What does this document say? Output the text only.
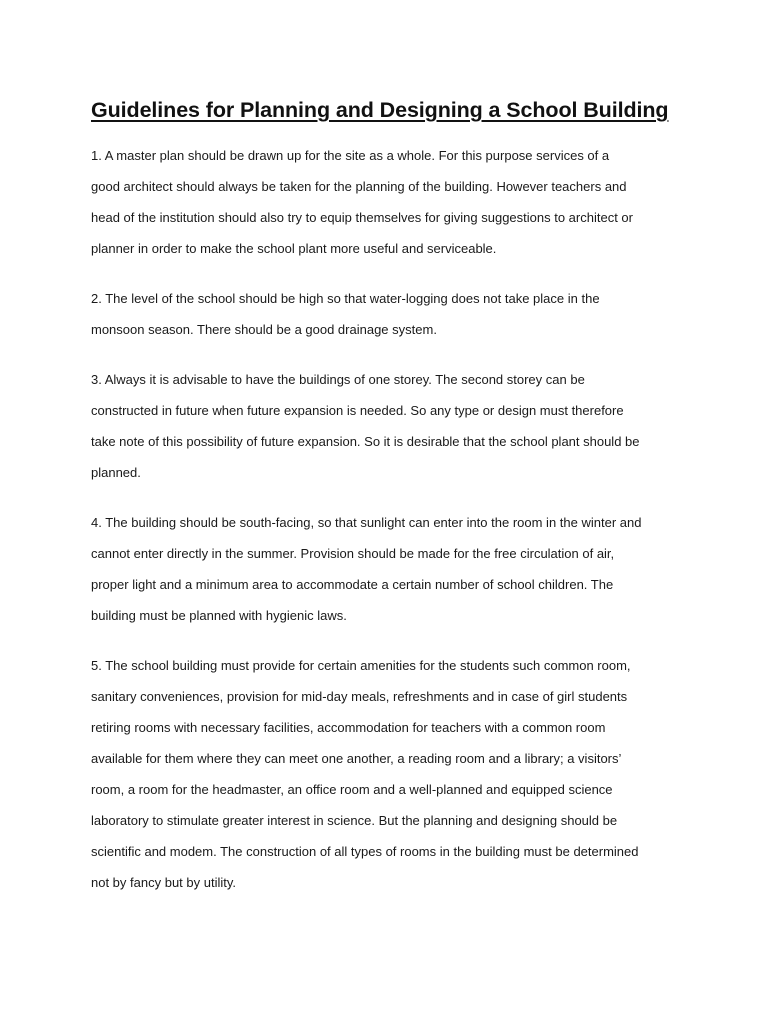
Guidelines for Planning and Designing a School Building

1. A master plan should be drawn up for the site as a whole. For this purpose services of a
good architect should always be taken for the planning of the building. However teachers and
head of the institution should also try to equip themselves for giving suggestions to architect or
planner in order to make the school plant more useful and serviceable.

2. The level of the school should be high so that water-logging does not take place in the
monsoon season. There should be a good drainage system.

3. Always it is advisable to have the buildings of one storey. The second storey can be
constructed in future when future expansion is needed. So any type or design must therefore
take note of this possibility of future expansion. So it is desirable that the school plant should be
planned.

4. The building should be south-facing, so that sunlight can enter into the room in the winter and
cannot enter directly in the summer. Provision should be made for the free circulation of air,
proper light and a minimum area to accommodate a certain number of school children. The
building must be planned with hygienic laws.

5. The school building must provide for certain amenities for the students such common room,
sanitary conveniences, provision for mid-day meals, refreshments and in case of girl students
retiring rooms with necessary facilities, accommodation for teachers with a common room
available for them where they can meet one another, a reading room and a library; a visitors’
room, a room for the headmaster, an office room and a well-planned and equipped science
laboratory to stimulate greater interest in science. But the planning and designing should be
scientific and modem. The construction of all types of rooms in the building must be determined
not by fancy but by utility.
